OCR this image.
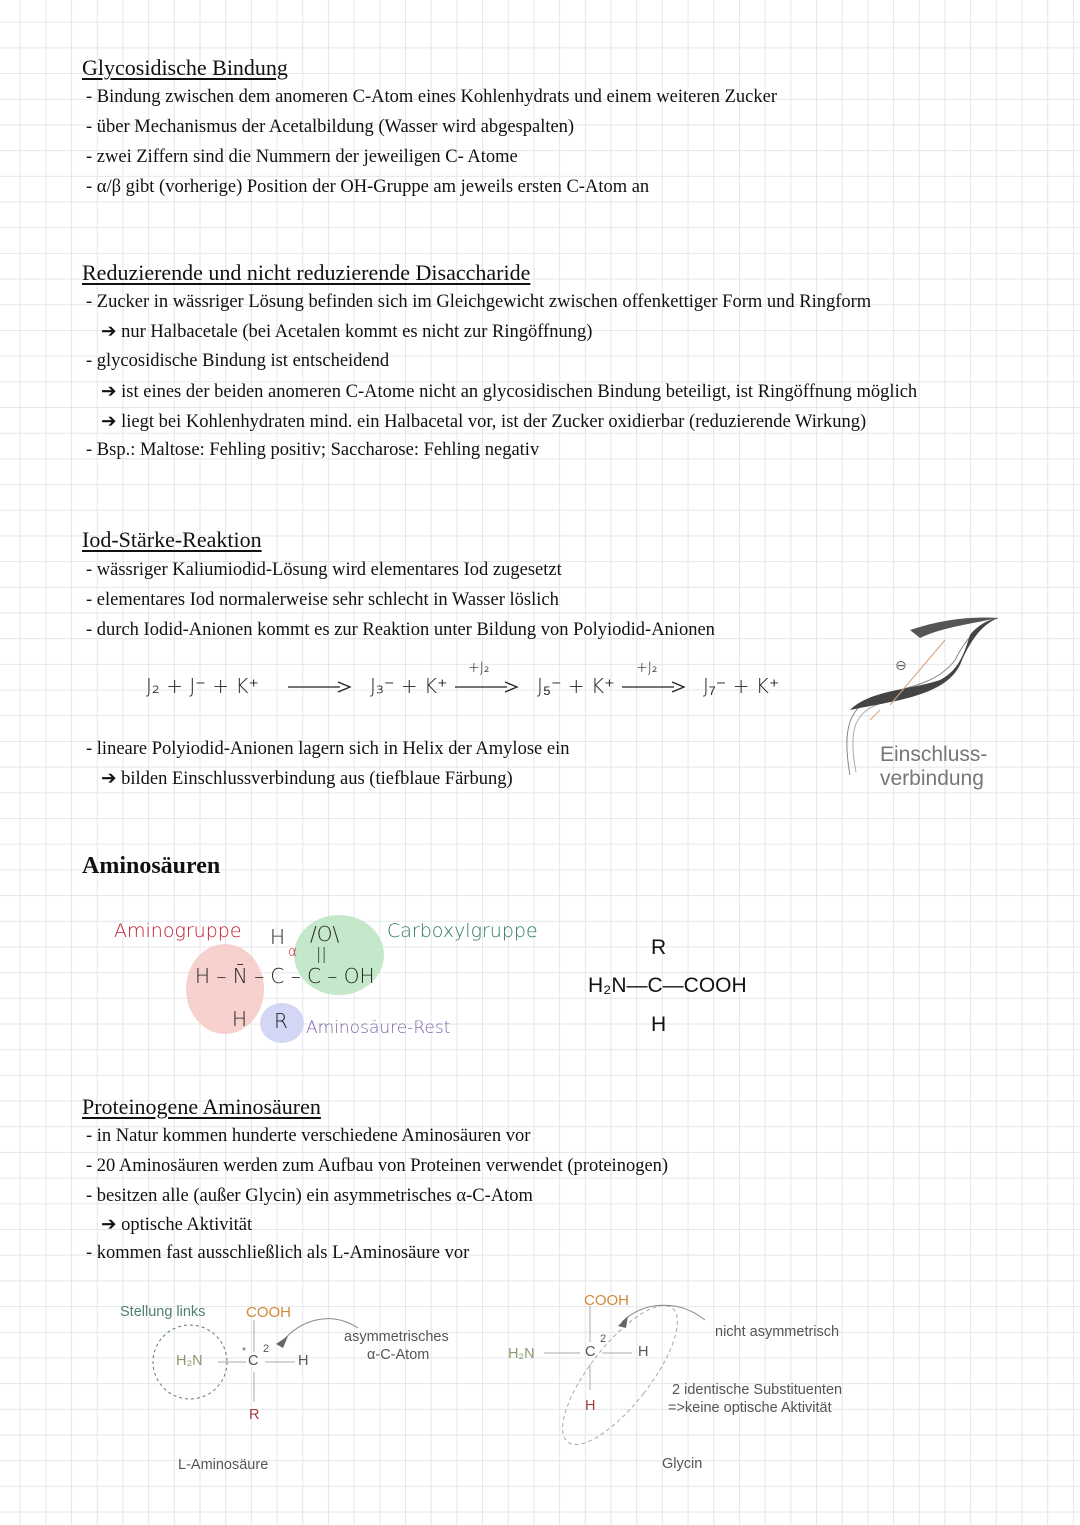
Glycosidische Bindung
- Bindung zwischen dem anomeren C-Atom eines Kohlenhydrats und einem weiteren Zucker
- über Mechanismus der Acetalbildung (Wasser wird abgespalten)
- zwei Ziffern sind die Nummern der jeweiligen C- Atome
- α/β gibt (vorherige) Position der OH-Gruppe am jeweils ersten C-Atom an
Reduzierende und nicht reduzierende Disaccharide
- Zucker in wässriger Lösung befinden sich im Gleichgewicht zwischen offenkettiger Form und Ringform
➔ nur Halbacetale (bei Acetalen kommt es nicht zur Ringöffnung)
- glycosidische Bindung ist entscheidend
➔ ist eines der beiden anomeren C-Atome nicht an glycosidischen Bindung beteiligt, ist Ringöffnung möglich
➔ liegt bei Kohlenhydraten mind. ein Halbacetal vor, ist der Zucker oxidierbar (reduzierende Wirkung)
- Bsp.: Maltose: Fehling positiv; Saccharose: Fehling negativ
Iod-Stärke-Reaktion
- wässriger Kaliumiodid-Lösung wird elementares Iod zugesetzt
- elementares Iod normalerweise sehr schlecht in Wasser löslich
- durch Iodid-Anionen kommt es zur Reaktion unter Bildung von Polyiodid-Anionen
J₂ + J⁻ + K⁺ → J₃⁻ + K⁺
+J₂
→ J₅⁻ + K⁺
+J₂
→ J₇⁻ + K⁺
- lineare Polyiodid-Anionen lagern sich in Helix der Amylose ein
➔ bilden Einschlussverbindung aus (tiefblaue Färbung)
⊖
Einschluss-
verbindung
Aminosäuren
Aminogruppe	Carboxylgruppe
Aminosäure-Rest
H /O\
||
α
H – N̄ – C – C – OH
H R
R
H₂N—C—COOH
H
Proteinogene Aminosäuren
- in Natur kommen hunderte verschiedene Aminosäuren vor
- 20 Aminosäuren werden zum Aufbau von Proteinen verwendet (proteinogen)
- besitzen alle (außer Glycin) ein asymmetrisches α-C-Atom
➔ optische Aktivität
- kommen fast ausschließlich als L-Aminosäure vor
Stellung links	COOH
H₂N
*
C
2
H
R
asymmetrisches
α-C-Atom
L-Aminosäure
COOH
H₂N	C
2
H
H
nicht asymmetrisch
2 identische Substituenten
=>keine optische Aktivität
Glycin
